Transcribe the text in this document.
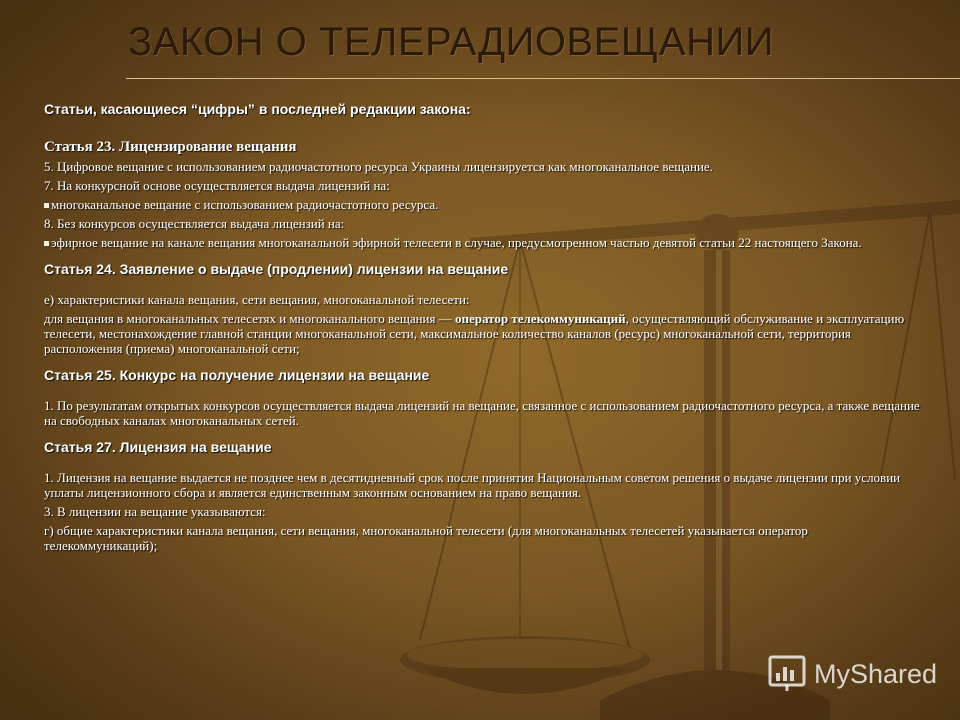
ЗАКОН О ТЕЛЕРАДИОВЕЩАНИИ

Статьи, касающиеся “цифры” в последней редакции закона:

Статья 23. Лицензирование вещания

5. Цифровое вещание с использованием радиочастотного ресурса Украины лицензируется как многоканальное вещание.

7. На конкурсной основе осуществляется выдача лицензий на:

многоканальное вещание с использованием радиочастотного ресурса.

8. Без конкурсов осуществляется выдача лицензий на:

эфирное вещание на канале вещания многоканальной эфирной телесети в случае, предусмотренном частью девятой статьи 22 настоящего Закона.

Статья 24. Заявление о выдаче (продлении) лицензии на вещание

е) характеристики канала вещания, сети вещания, многоканальной телесети:

для вещания в многоканальных телесетях и многоканального вещания — оператор телекоммуникаций, осуществляющий обслуживание и эксплуатацию телесети, местонахождение главной станции многоканальной сети, максимальное количество каналов (ресурс) многоканальной сети, территория расположения (приема) многоканальной сети;

Статья 25. Конкурс на получение лицензии на вещание

1. По результатам открытых конкурсов осуществляется выдача лицензий на вещание, связанное с использованием радиочастотного ресурса, а также вещание на свободных каналах многоканальных сетей.

Статья 27. Лицензия на вещание

1. Лицензия на вещание выдается не позднее чем в десятидневный срок после принятия Национальным советом решения о выдаче лицензии при условии уплаты лицензионного сбора и является единственным законным основанием на право вещания.

3. В лицензии на вещание указываются:

г) общие характеристики канала вещания, сети вещания, многоканальной телесети (для многоканальных телесетей указывается оператор телекоммуникаций);

MyShared
